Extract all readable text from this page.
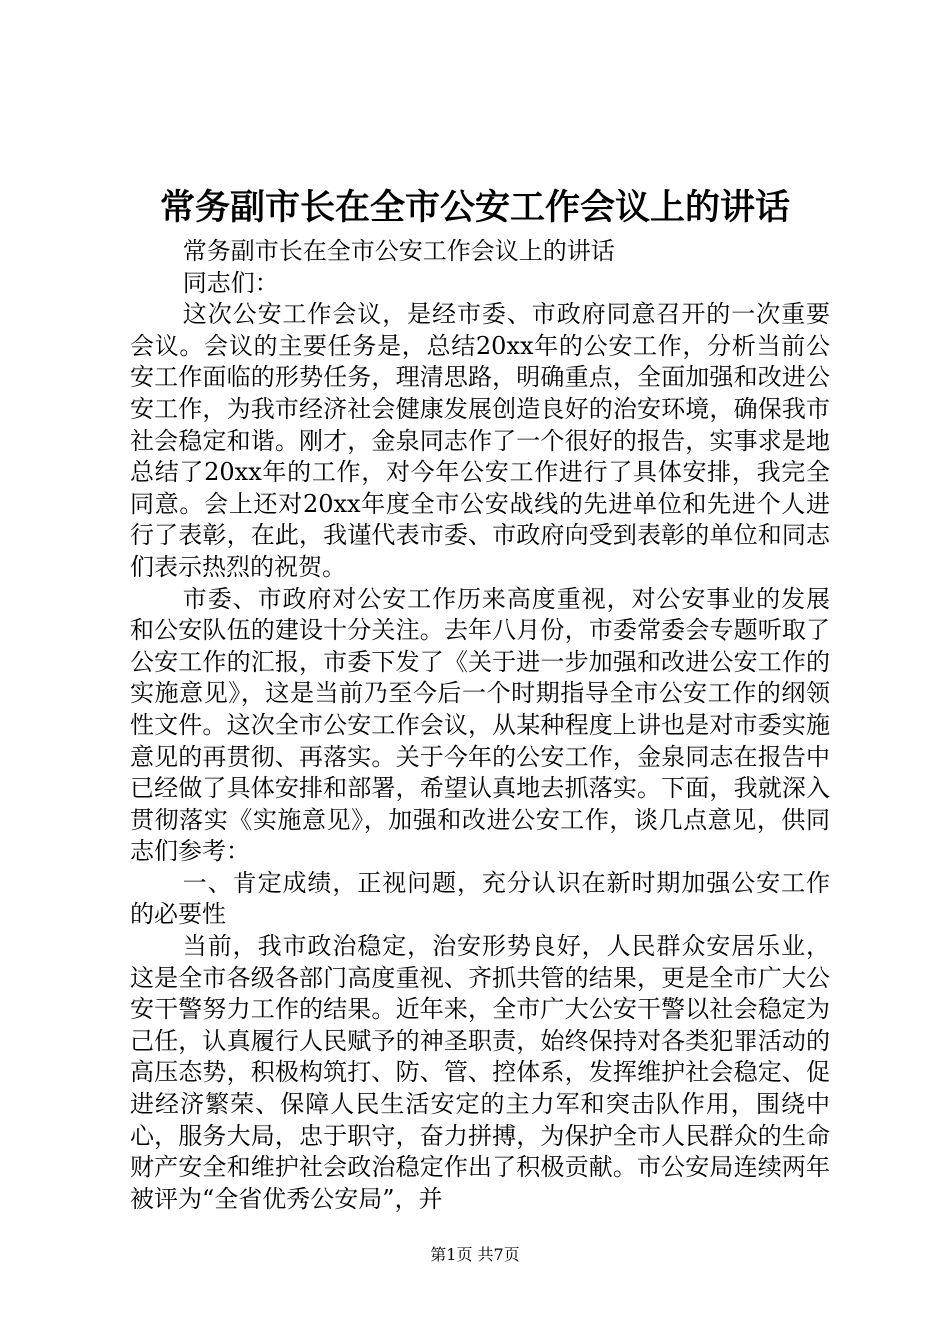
常务副市长在全市公安工作会议上的讲话

常务副市长在全市公安工作会议上的讲话

同志们：

这次公安工作会议，是经市委、市政府同意召开的一次重要会议。会议的主要任务是，总结20xx年的公安工作，分析当前公安工作面临的形势任务，理清思路，明确重点，全面加强和改进公安工作，为我市经济社会健康发展创造良好的治安环境，确保我市社会稳定和谐。刚才，金泉同志作了一个很好的报告，实事求是地总结了20xx年的工作，对今年公安工作进行了具体安排，我完全同意。会上还对20xx年度全市公安战线的先进单位和先进个人进行了表彰，在此，我谨代表市委、市政府向受到表彰的单位和同志们表示热烈的祝贺。

市委、市政府对公安工作历来高度重视，对公安事业的发展和公安队伍的建设十分关注。去年八月份，市委常委会专题听取了公安工作的汇报，市委下发了《关于进一步加强和改进公安工作的实施意见》，这是当前乃至今后一个时期指导全市公安工作的纲领性文件。这次全市公安工作会议，从某种程度上讲也是对市委实施意见的再贯彻、再落实。关于今年的公安工作，金泉同志在报告中已经做了具体安排和部署，希望认真地去抓落实。下面，我就深入贯彻落实《实施意见》，加强和改进公安工作，谈几点意见，供同志们参考：

一、肯定成绩，正视问题，充分认识在新时期加强公安工作的必要性

当前，我市政治稳定，治安形势良好，人民群众安居乐业，这是全市各级各部门高度重视、齐抓共管的结果，更是全市广大公安干警努力工作的结果。近年来，全市广大公安干警以社会稳定为己任，认真履行人民赋予的神圣职责，始终保持对各类犯罪活动的高压态势，积极构筑打、防、管、控体系，发挥维护社会稳定、促进经济繁荣、保障人民生活安定的主力军和突击队作用，围绕中心，服务大局，忠于职守，奋力拼搏，为保护全市人民群众的生命财产安全和维护社会政治稳定作出了积极贡献。市公安局连续两年被评为“全省优秀公安局”，并

第1页 共7页
